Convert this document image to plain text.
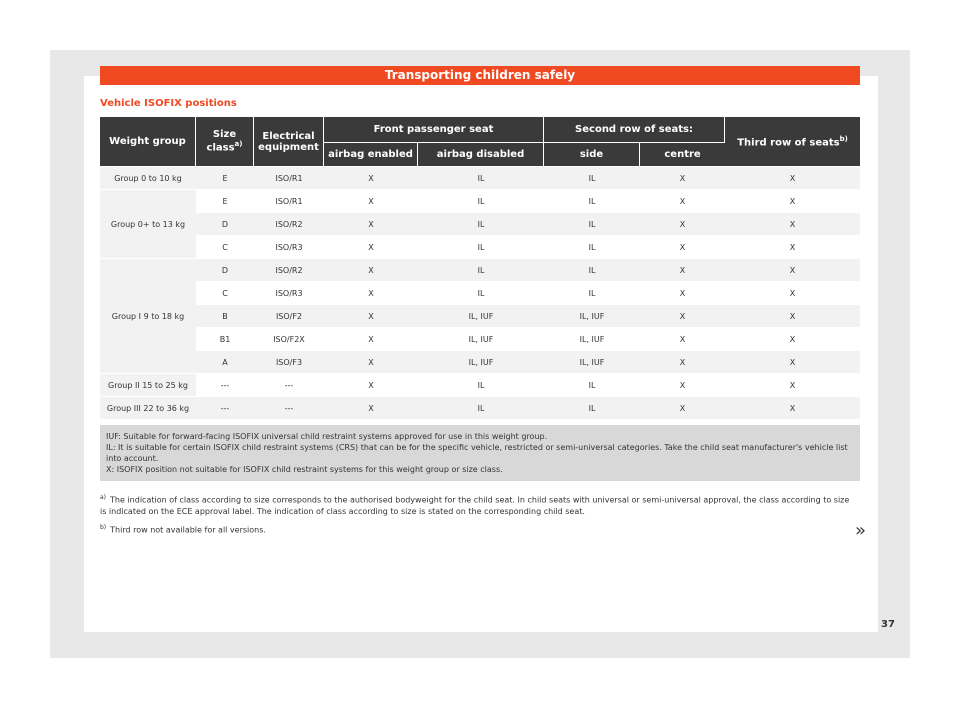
Transporting children safely
Vehicle ISOFIX positions
Weight group	Size class$^{a)}$	Electrical equipment	Front passenger seat		Second row of seats:		Third row of seats$^{b)}$
			airbag enabled	airbag disabled	side	centre	
Group 0 to 10 kg	E	ISO/R1	X	IL	IL	X	X
Group 0+ to 13 kg	E	ISO/R1	X	IL	IL	X	X
	D	ISO/R2	X	IL	IL	X	X
	C	ISO/R3	X	IL	IL	X	X
Group I 9 to 18 kg	D	ISO/R2	X	IL	IL	X	X
	C	ISO/R3	X	IL	IL	X	X
	B	ISO/F2	X	IL, IUF	IL, IUF	X	X
	B1	ISO/F2X	X	IL, IUF	IL, IUF	X	X
	A	ISO/F3	X	IL, IUF	IL, IUF	X	X
Group II 15 to 25 kg	---	---	X	IL	IL	X	X
Group III 22 to 36 kg	---	---	X	IL	IL	X	X
IUF: Suitable for forward-facing ISOFIX universal child restraint systems approved for use in this weight group.
IL: It is suitable for certain ISOFIX child restraint systems (CRS) that can be for the specific vehicle, restricted or semi-universal categories. Take the child seat manufacturer's vehicle list into account.
X: ISOFIX position not suitable for ISOFIX child restraint systems for this weight group or size class.
$^{a)}$ The indication of class according to size corresponds to the authorised bodyweight for the child seat. In child seats with universal or semi-universal approval, the class according to size is indicated on the ECE approval label. The indication of class according to size is stated on the corresponding child seat.
$^{b)}$ Third row not available for all versions.	»
37
